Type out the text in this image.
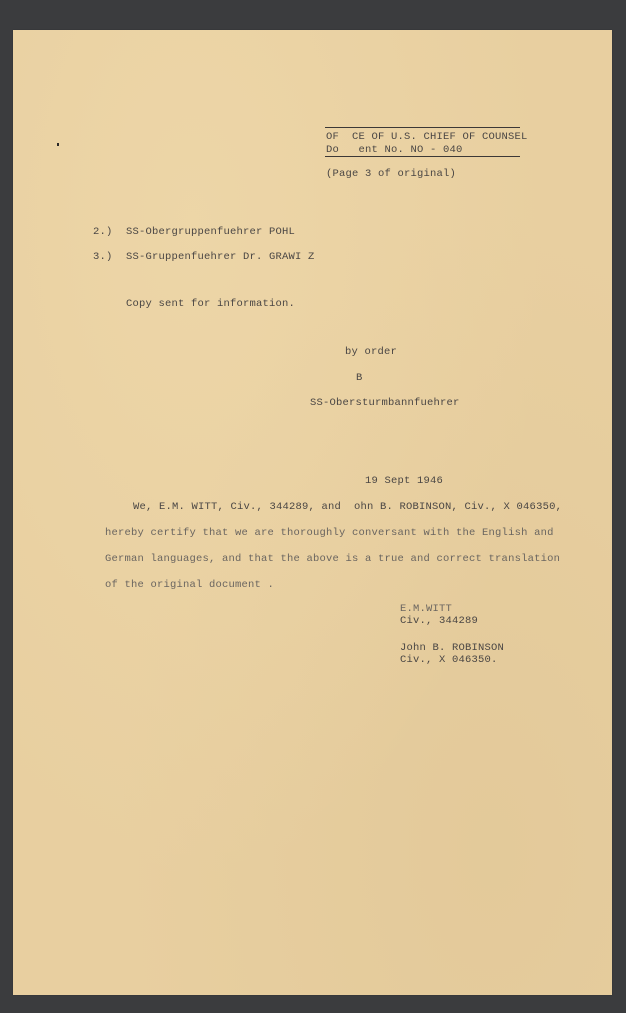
OF  CE OF U.S. CHIEF OF COUNSEL
Do   ent No. NO - 040
(Page 3 of original)
2.) SS-Obergruppenfuehrer POHL
3.) SS-Gruppenfuehrer Dr. GRAWI Z
Copy sent for information.
by order
B
SS-Obersturmbannfuehrer
19 Sept 1946
We, E.M. WITT, Civ., 344289, and  ohn B. ROBINSON, Civ., X 046350,
hereby certify that we are thoroughly conversant with the English and
German languages, and that the above is a true and correct translation
of the original document .
E.M.WITT
Civ., 344289
John B. ROBINSON
Civ., X 046350.
